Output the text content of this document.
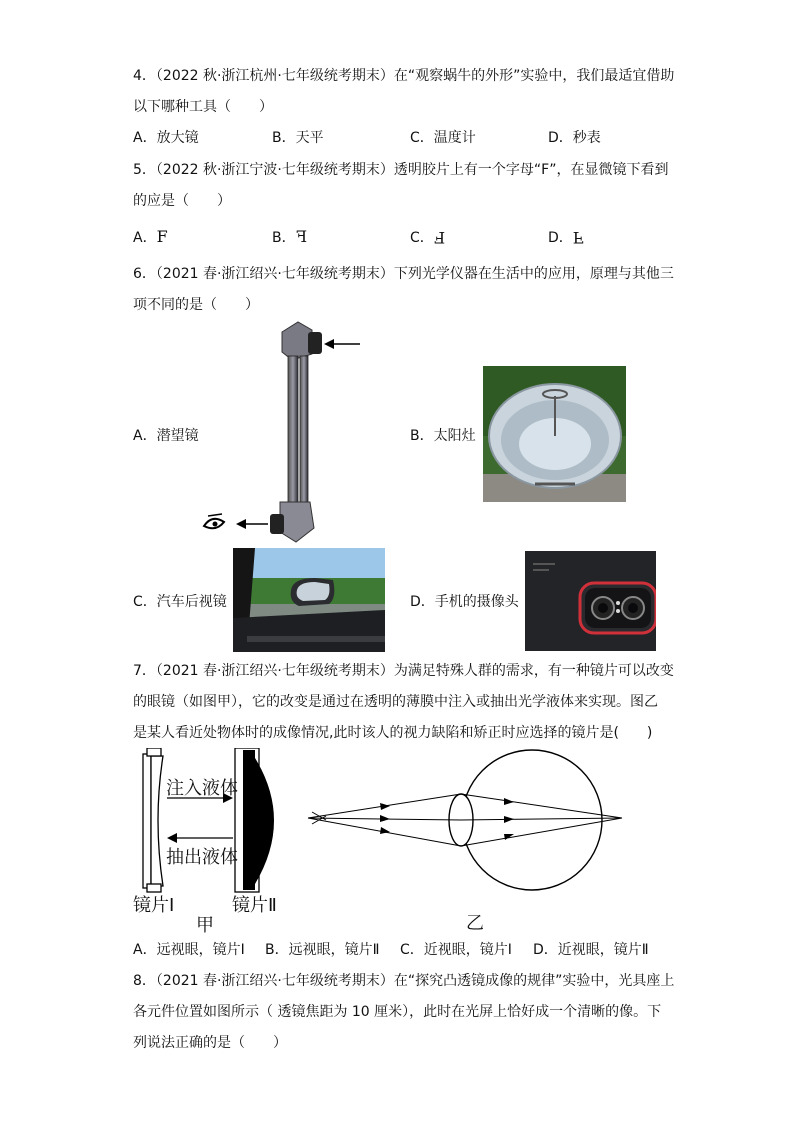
4．（2022 秋·浙江杭州·七年级统考期末）在“观察蜗牛的外形”实验中，我们最适宜借助
以下哪种工具（　　）
A．放大镜	B．天平	C．温度计	D．秒表
5．（2022 秋·浙江宁波·七年级统考期末）透明胶片上有一个字母“F”，在显微镜下看到
的应是（　　）
A．F	B．F	C．F	D．F
6．（2021 春·浙江绍兴·七年级统考期末）下列光学仪器在生活中的应用，原理与其他三
项不同的是（　　）
A．潜望镜	B．太阳灶
C．汽车后视镜	D．手机的摄像头
7．（2021 春·浙江绍兴·七年级统考期末）为满足特殊人群的需求，有一种镜片可以改变
的眼镜（如图甲），它的改变是通过在透明的薄膜中注入或抽出光学液体来实现。图乙
是某人看近处物体时的成像情况,此时该人的视力缺陷和矫正时应选择的镜片是(　　)
注入液体
抽出液体
镜片Ⅰ	镜片Ⅱ
甲	乙
A．远视眼，镜片Ⅰ B．远视眼，镜片Ⅱ C．近视眼，镜片Ⅰ D．近视眼，镜片Ⅱ
8．（2021 春·浙江绍兴·七年级统考期末）在“探究凸透镜成像的规律”实验中，光具座上
各元件位置如图所示（ 透镜焦距为 10 厘米），此时在光屏上恰好成一个清晰的像。下
列说法正确的是（　　）
